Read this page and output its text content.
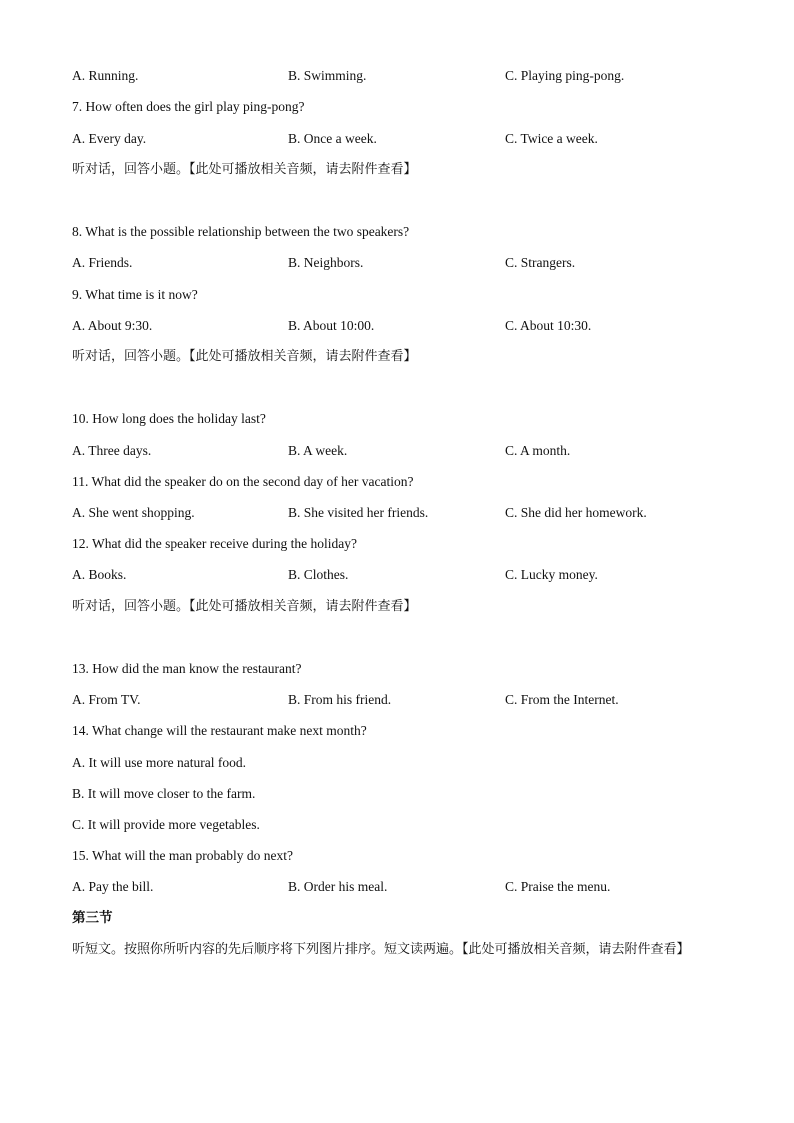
A. Running.	B. Swimming.	C. Playing ping-pong.
7. How often does the girl play ping-pong?
A. Every day.	B. Once a week.	C. Twice a week.
听对话，回答小题。【此处可播放相关音频，请去附件查看】
8. What is the possible relationship between the two speakers?
A. Friends.	B. Neighbors.	C. Strangers.
9. What time is it now?
A. About 9:30.	B. About 10:00.	C. About 10:30.
听对话，回答小题。【此处可播放相关音频，请去附件查看】
10. How long does the holiday last?
A. Three days.	B. A week.	C. A month.
11. What did the speaker do on the second day of her vacation?
A. She went shopping.	B. She visited her friends.	C. She did her homework.
12. What did the speaker receive during the holiday?
A. Books.	B. Clothes.	C. Lucky money.
听对话，回答小题。【此处可播放相关音频，请去附件查看】
13. How did the man know the restaurant?
A. From TV.	B. From his friend.	C. From the Internet.
14. What change will the restaurant make next month?
A. It will use more natural food.
B. It will move closer to the farm.
C. It will provide more vegetables.
15. What will the man probably do next?
A. Pay the bill.	B. Order his meal.	C. Praise the menu.
第三节
听短文。按照你所听内容的先后顺序将下列图片排序。短文读两遍。【此处可播放相关音频，请去附件查看】
